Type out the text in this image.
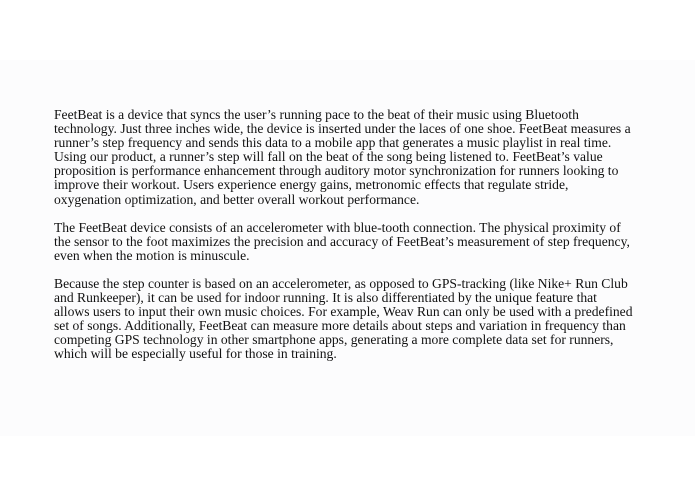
FeetBeat is a device that syncs the user’s running pace to the beat of their music using Bluetooth technology. Just three inches wide, the device is inserted under the laces of one shoe. FeetBeat measures a runner’s step frequency and sends this data to a mobile app that generates a music playlist in real time. Using our product, a runner’s step will fall on the beat of the song being listened to. FeetBeat’s value proposition is performance enhancement through auditory motor synchronization for runners looking to improve their workout. Users experience energy gains, metronomic effects that regulate stride, oxygenation optimization, and better overall workout performance.

The FeetBeat device consists of an accelerometer with blue-tooth connection. The physical proximity of the sensor to the foot maximizes the precision and accuracy of FeetBeat’s measurement of step frequency, even when the motion is minuscule.

Because the step counter is based on an accelerometer, as opposed to GPS-tracking (like Nike+ Run Club and Runkeeper), it can be used for indoor running. It is also differentiated by the unique feature that allows users to input their own music choices. For example, Weav Run can only be used with a predefined set of songs. Additionally, FeetBeat can measure more details about steps and variation in frequency than competing GPS technology in other smartphone apps, generating a more complete data set for runners, which will be especially useful for those in training.
